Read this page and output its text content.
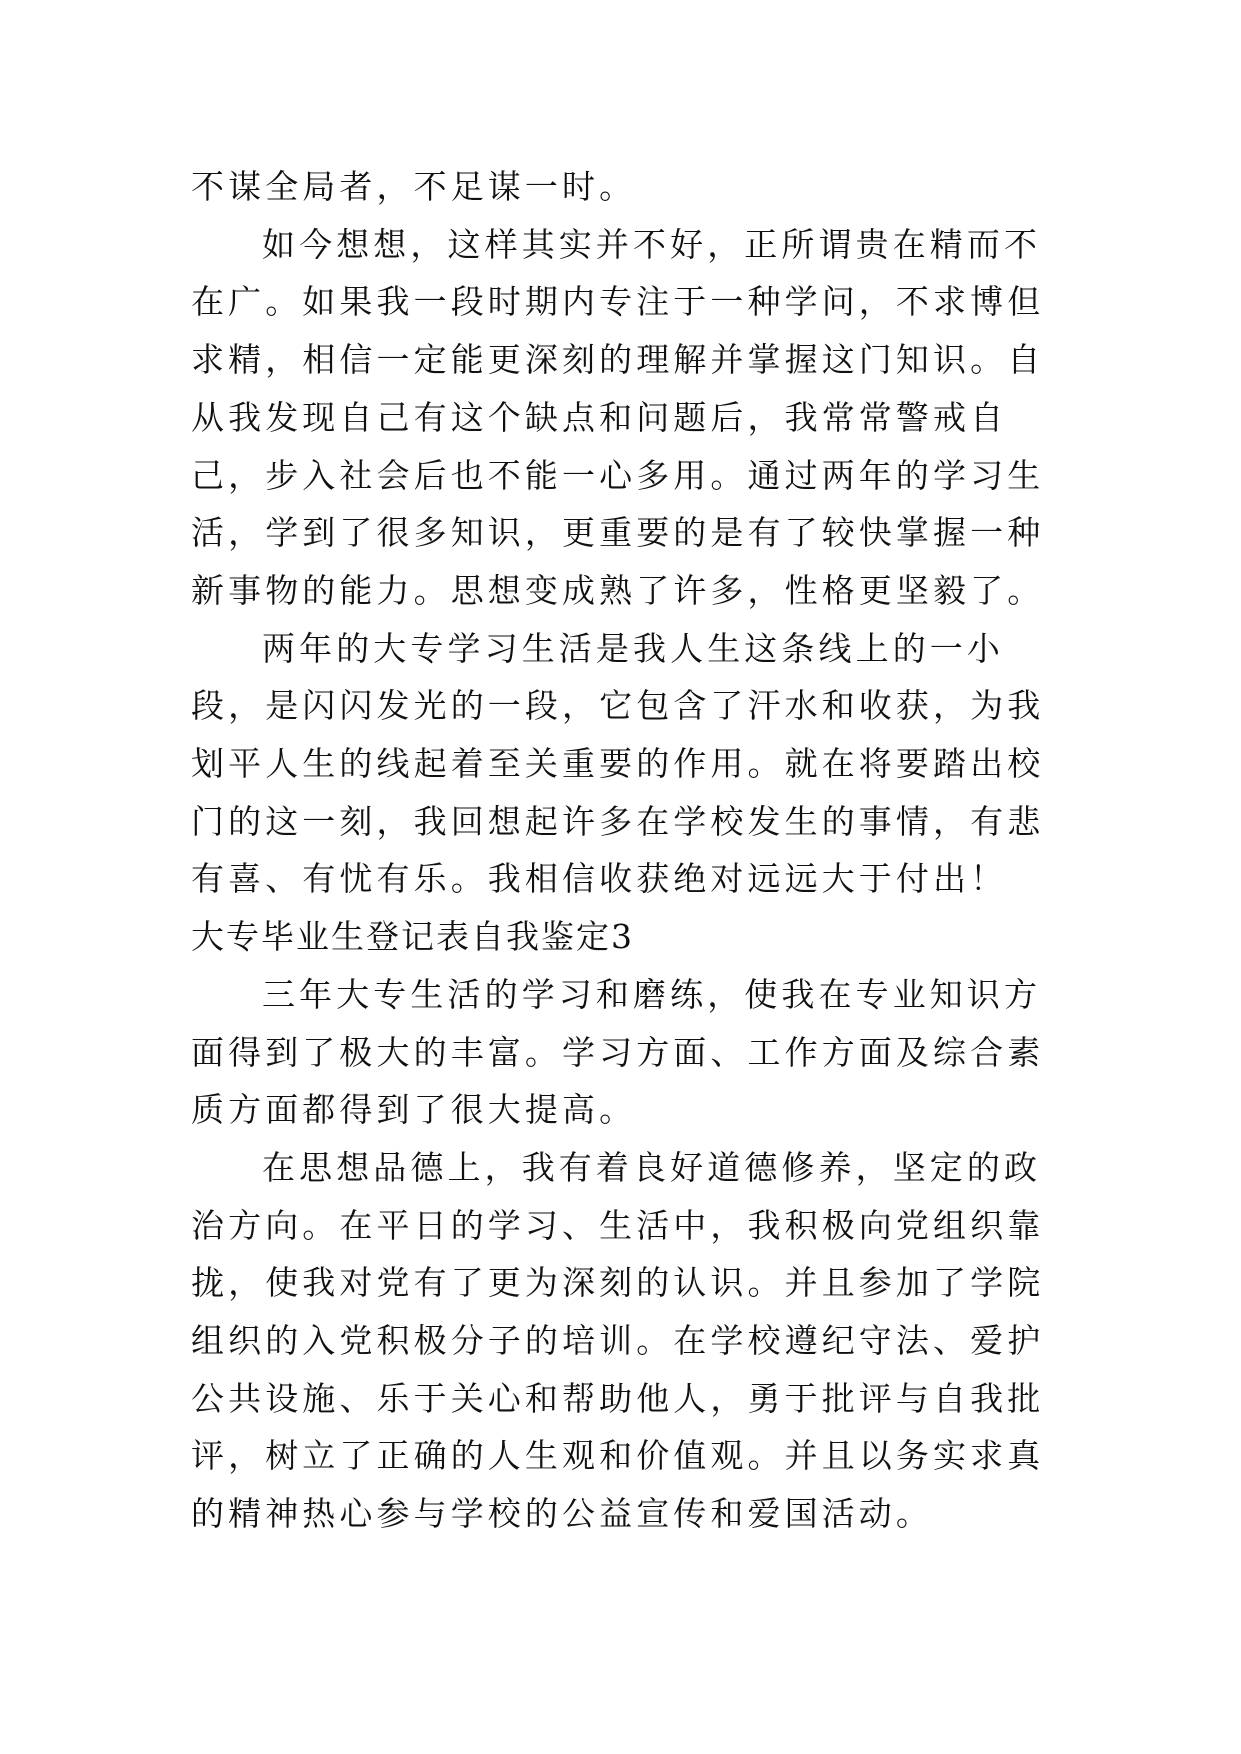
不谋全局者，不足谋一时。

如今想想，这样其实并不好，正所谓贵在精而不在广。如果我一段时期内专注于一种学问，不求博但求精，相信一定能更深刻的理解并掌握这门知识。自从我发现自己有这个缺点和问题后，我常常警戒自己，步入社会后也不能一心多用。通过两年的学习生活，学到了很多知识，更重要的是有了较快掌握一种新事物的能力。思想变成熟了许多，性格更坚毅了。

两年的大专学习生活是我人生这条线上的一小段，是闪闪发光的一段，它包含了汗水和收获，为我划平人生的线起着至关重要的作用。就在将要踏出校门的这一刻，我回想起许多在学校发生的事情，有悲有喜、有忧有乐。我相信收获绝对远远大于付出！

大专毕业生登记表自我鉴定3

三年大专生活的学习和磨练，使我在专业知识方面得到了极大的丰富。学习方面、工作方面及综合素质方面都得到了很大提高。

在思想品德上，我有着良好道德修养，坚定的政治方向。在平日的学习、生活中，我积极向党组织靠拢，使我对党有了更为深刻的认识。并且参加了学院组织的入党积极分子的培训。在学校遵纪守法、爱护公共设施、乐于关心和帮助他人，勇于批评与自我批评，树立了正确的人生观和价值观。并且以务实求真的精神热心参与学校的公益宣传和爱国活动。
